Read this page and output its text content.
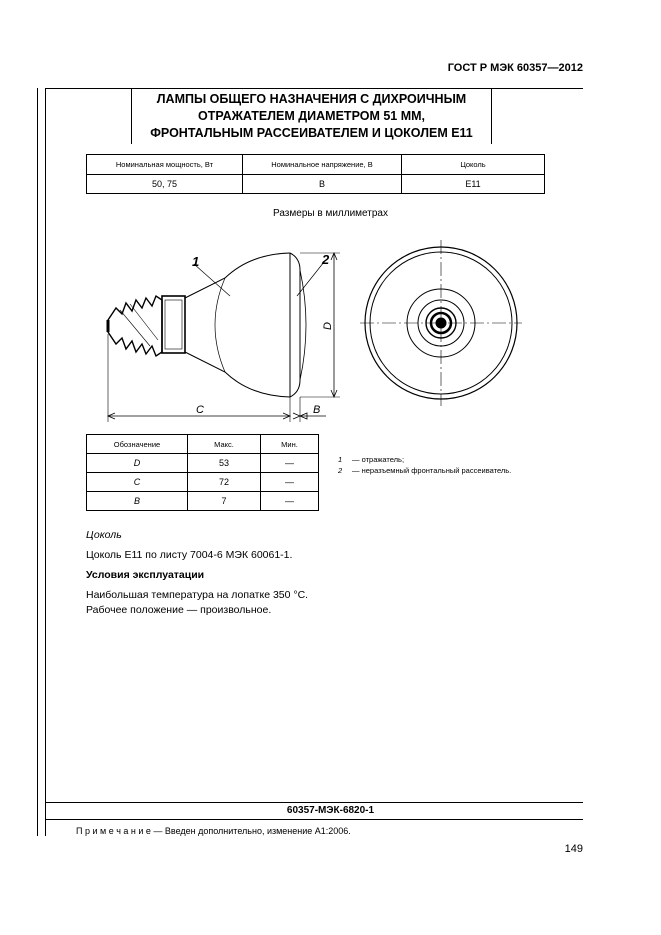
ГОСТ Р МЭК 60357—2012
ЛАМПЫ ОБЩЕГО НАЗНАЧЕНИЯ С ДИХРОИЧНЫМ
ОТРАЖАТЕЛЕМ ДИАМЕТРОМ 51 ММ,
ФРОНТАЛЬНЫМ РАССЕИВАТЕЛЕМ И ЦОКОЛЕМ E11
Номинальная мощность, Вт	Номинальное напряжение, В	Цоколь
50, 75	B	E11
Размеры в миллиметрах
1	2
C	B
D
Обозначение	Макс.	Мин.
D	53	—
C	72	—
B	7	—
1 — отражатель;
2 — неразъемный фронтальный рассеиватель.
Цоколь
Цоколь E11 по листу 7004-6 МЭК 60061-1.
Условия эксплуатации
Наибольшая температура на лопатке 350 °С.
Рабочее положение — произвольное.
60357-МЭК-6820-1
П р и м е ч а н и е — Введен дополнительно, изменение А1:2006.
149
